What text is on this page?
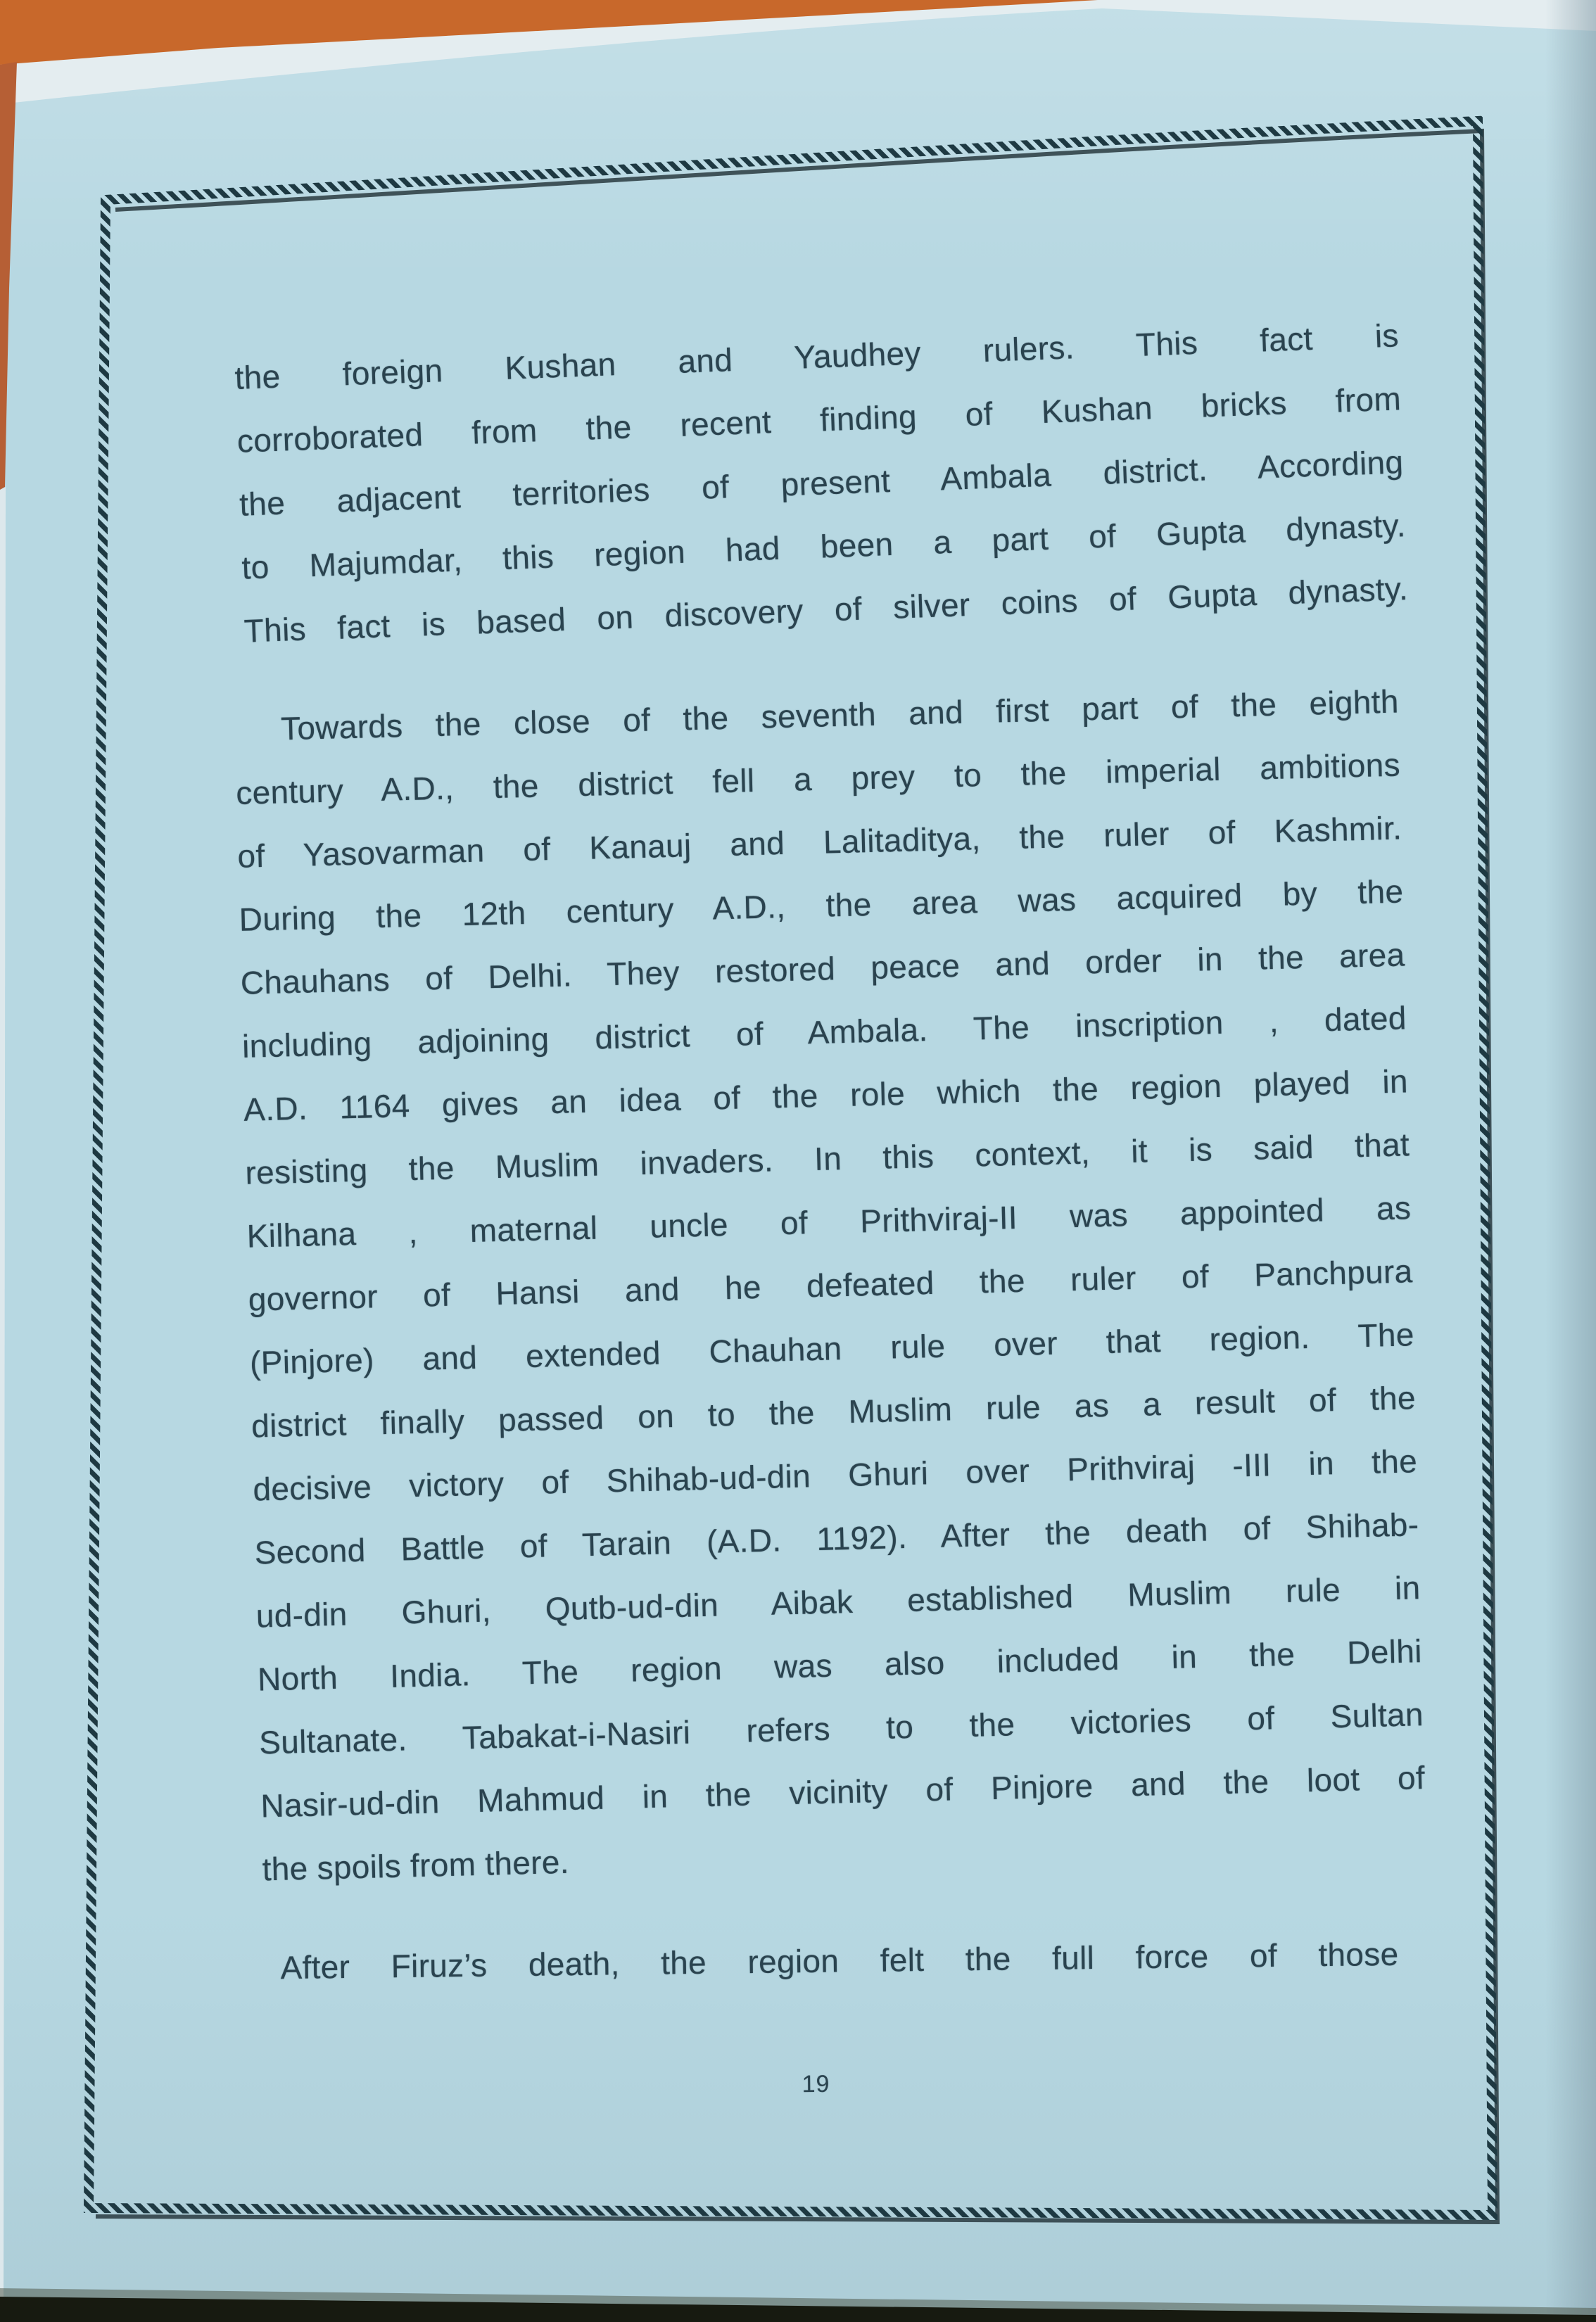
the foreign Kushan and Yaudhey rulers. This fact is
corroborated from the recent finding of Kushan bricks from
the adjacent territories of present Ambala district. According
to Majumdar, this region had been a part of Gupta dynasty.
This fact is based on discovery of silver coins of Gupta dynasty.
Towards the close of the seventh and first part of the eighth
century A.D., the district fell a prey to the imperial ambitions
of Yasovarman of Kanauj and Lalitaditya, the ruler of Kashmir.
During the 12th century A.D., the area was acquired by the
Chauhans of Delhi. They restored peace and order in the area
including adjoining district of Ambala. The inscription , dated
A.D. 1164 gives an idea of the role which the region played in
resisting the Muslim invaders. In this context, it is said that
Kilhana , maternal uncle of Prithviraj-II was appointed as
governor of Hansi and he defeated the ruler of Panchpura
(Pinjore) and extended Chauhan rule over that region. The
district finally passed on to the Muslim rule as a result of the
decisive victory of Shihab-ud-din Ghuri over Prithviraj -III in the
Second Battle of Tarain (A.D. 1192). After the death of Shihab-
ud-din Ghuri, Qutb-ud-din Aibak established Muslim rule in
North India. The region was also included in the Delhi
Sultanate. Tabakat-i-Nasiri refers to the victories of Sultan
Nasir-ud-din Mahmud in the vicinity of Pinjore and the loot of
the spoils from there.
After Firuz’s death, the region felt the full force of those
19
